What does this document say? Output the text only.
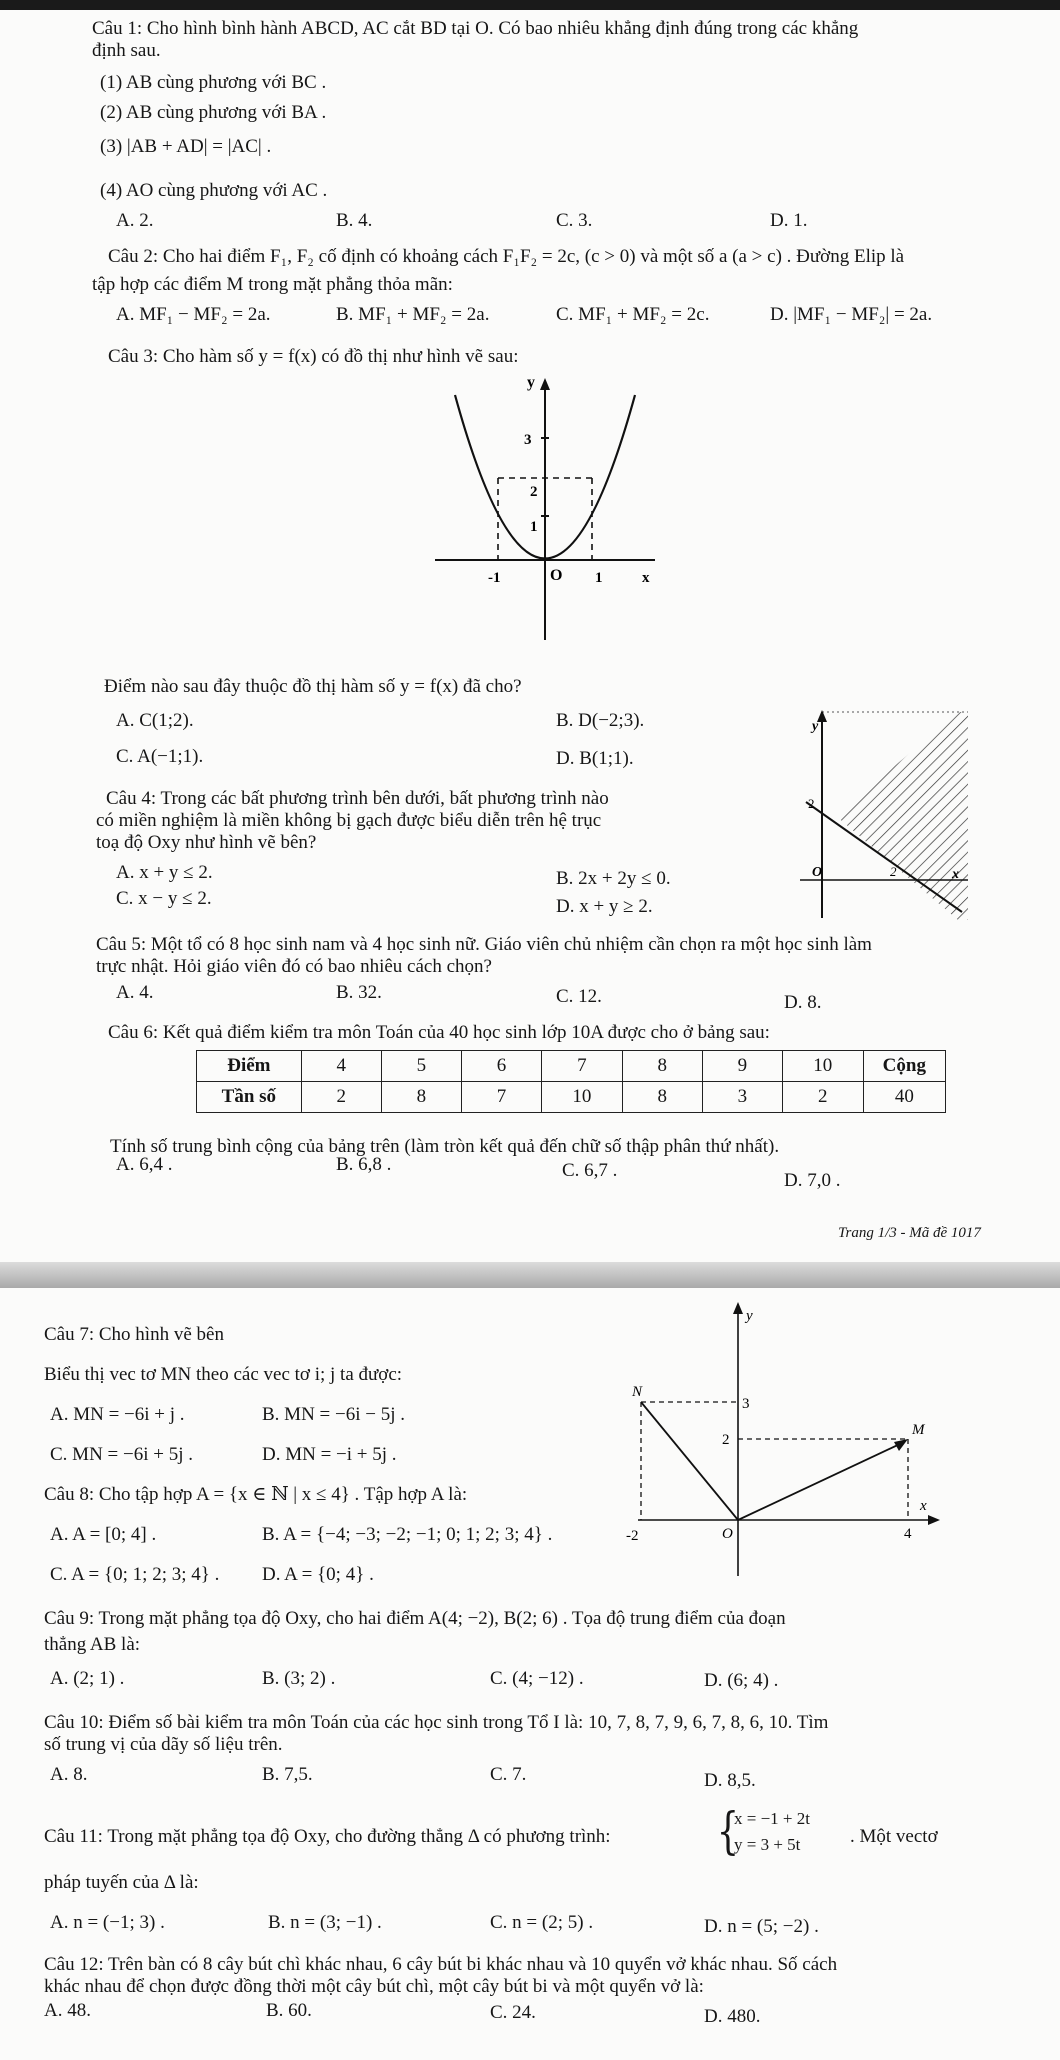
Câu 1: Cho hình bình hành ABCD, AC cắt BD tại O. Có bao nhiêu khẳng định đúng trong các khẳng
định sau.
(1) AB cùng phương với BC .
(2) AB cùng phương với BA .
(3) |AB + AD| = |AC| .
(4) AO cùng phương với AC .
A. 2.	B. 4.	C. 3.	D. 1.
Câu 2: Cho hai điểm F₁, F₂ cố định có khoảng cách F₁F₂ = 2c, (c > 0) và một số a (a > c) . Đường Elip là
tập hợp các điểm M trong mặt phẳng thỏa mãn:
A. MF₁ − MF₂ = 2a.	B. MF₁ + MF₂ = 2a.	C. MF₁ + MF₂ = 2c.	D. |MF₁ − MF₂| = 2a.
Câu 3: Cho hàm số y = f(x) có đồ thị như hình vẽ sau:
y
3
2
1
-1	O 1	x
Điểm nào sau đây thuộc đồ thị hàm số y = f(x) đã cho?
A. C(1;2).	B. D(−2;3).
C. A(−1;1).	D. B(1;1).
Câu 4: Trong các bất phương trình bên dưới, bất phương trình nào
có miền nghiệm là miền không bị gạch được biểu diễn trên hệ trục
toạ độ Oxy như hình vẽ bên?
A. x + y ≤ 2.	B. 2x + 2y ≤ 0.
C. x − y ≤ 2.	D. x + y ≥ 2.
y
2
O	2	x
Câu 5: Một tổ có 8 học sinh nam và 4 học sinh nữ. Giáo viên chủ nhiệm cần chọn ra một học sinh làm
trực nhật. Hỏi giáo viên đó có bao nhiêu cách chọn?
A. 4.	B. 32.	C. 12.	D. 8.
Câu 6: Kết quả điểm kiểm tra môn Toán của 40 học sinh lớp 10A được cho ở bảng sau:
Điểm	4	5	6	7	8	9	10	Cộng
Tần số	2	8	7	10	8	3	2	40
Tính số trung bình cộng của bảng trên (làm tròn kết quả đến chữ số thập phân thứ nhất).
A. 6,4 .	B. 6,8 .	C. 6,7 .	D. 7,0 .
Trang 1/3 - Mã đề 1017
Câu 7: Cho hình vẽ bên
Biểu thị vec tơ MN theo các vec tơ i; j ta được:
A. MN = −6i + j .	B. MN = −6i − 5j .
C. MN = −6i + 5j .	D. MN = −i + 5j .
y
N
3
M
2
x
-2	O	4
Câu 8: Cho tập hợp A = {x ∈ ℕ | x ≤ 4} . Tập hợp A là:
A. A = [0; 4] .	B. A = {−4; −3; −2; −1; 0; 1; 2; 3; 4} .
C. A = {0; 1; 2; 3; 4} . D. A = {0; 4} .
Câu 9: Trong mặt phẳng tọa độ Oxy, cho hai điểm A(4; −2), B(2; 6) . Tọa độ trung điểm của đoạn
thẳng AB là:
A. (2; 1) .	B. (3; 2) .	C. (4; −12) .	D. (6; 4) .
Câu 10: Điểm số bài kiểm tra môn Toán của các học sinh trong Tổ I là: 10, 7, 8, 7, 9, 6, 7, 8, 6, 10. Tìm
số trung vị của dãy số liệu trên.
A. 8.	B. 7,5.	C. 7.	D. 8,5.
Câu 11: Trong mặt phẳng tọa độ Oxy, cho đường thẳng Δ có phương trình: {
x = −1 + 2t
y = 3 + 5t	. Một vectơ
pháp tuyến của Δ là:
A. n = (−1; 3) .	B. n = (3; −1) .	C. n = (2; 5) .	D. n = (5; −2) .
Câu 12: Trên bàn có 8 cây bút chì khác nhau, 6 cây bút bi khác nhau và 10 quyển vở khác nhau. Số cách
khác nhau để chọn được đồng thời một cây bút chì, một cây bút bi và một quyển vở là:
A. 48.	B. 60.	C. 24.	D. 480.
